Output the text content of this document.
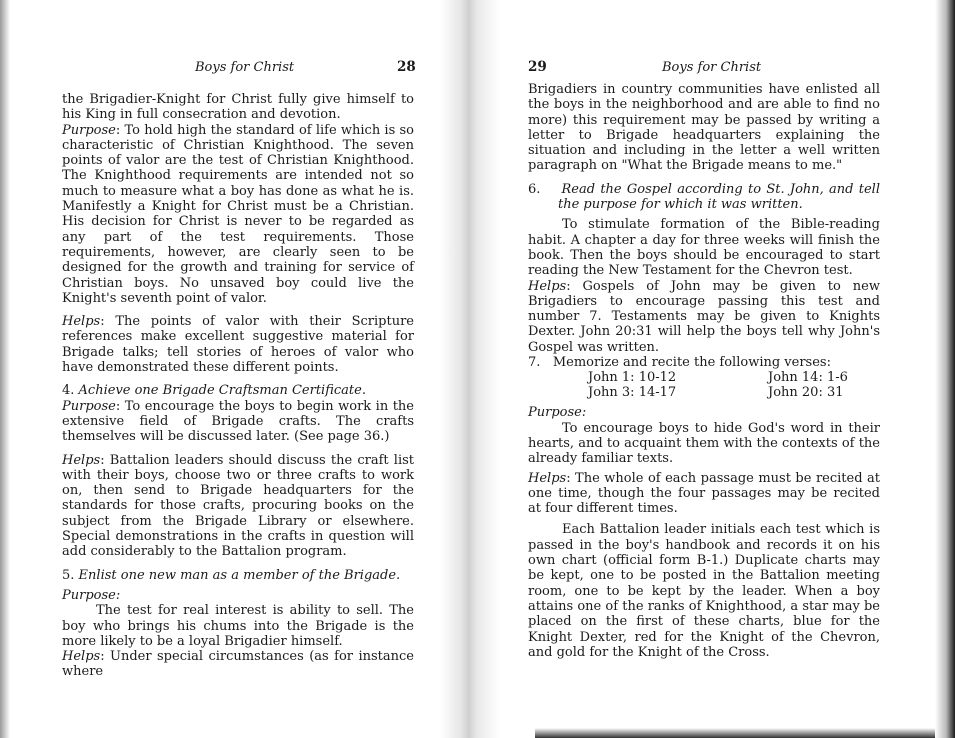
Boys for Christ	28

the Brigadier-Knight for Christ fully give himself to his King in full consecration and devotion.

Purpose: To hold high the standard of life which is so characteristic of Christian Knighthood. The seven points of valor are the test of Christian Knighthood. The Knighthood requirements are intended not so much to measure what a boy has done as what he is. Manifestly a Knight for Christ must be a Christian. His decision for Christ is never to be regarded as any part of the test requirements. Those requirements, however, are clearly seen to be designed for the growth and training for service of Christian boys. No unsaved boy could live the Knight's seventh point of valor.

Helps: The points of valor with their Scripture references make excellent suggestive material for Brigade talks; tell stories of heroes of valor who have demonstrated these different points.

4. Achieve one Brigade Craftsman Certificate.

Purpose: To encourage the boys to begin work in the extensive field of Brigade crafts. The crafts themselves will be discussed later. (See page 36.)

Helps: Battalion leaders should discuss the craft list with their boys, choose two or three crafts to work on, then send to Brigade headquarters for the standards for those crafts, procuring books on the subject from the Brigade Library or elsewhere. Special demonstrations in the crafts in question will add considerably to the Battalion program.

5. Enlist one new man as a member of the Brigade.

Purpose:

The test for real interest is ability to sell. The boy who brings his chums into the Brigade is the more likely to be a loyal Brigadier himself.

Helps: Under special circumstances (as for instance where

29	Boys for Christ

Brigadiers in country communities have enlisted all the boys in the neighborhood and are able to find no more) this requirement may be passed by writing a letter to Brigade headquarters explaining the situation and including in the letter a well written paragraph on "What the Brigade means to me."

6. Read the Gospel according to St. John, and tell the purpose for which it was written.

To stimulate formation of the Bible-reading habit. A chapter a day for three weeks will finish the book. Then the boys should be encouraged to start reading the New Testament for the Chevron test.

Helps: Gospels of John may be given to new Brigadiers to encourage passing this test and number 7. Testaments may be given to Knights Dexter. John 20:31 will help the boys tell why John's Gospel was written.

7. Memorize and recite the following verses:

John 1: 10-12	John 14: 1-6
John 3: 14-17	John 20: 31

Purpose:

To encourage boys to hide God's word in their hearts, and to acquaint them with the contexts of the already familiar texts.

Helps: The whole of each passage must be recited at one time, though the four passages may be recited at four different times.

Each Battalion leader initials each test which is passed in the boy's handbook and records it on his own chart (official form B-1.) Duplicate charts may be kept, one to be posted in the Battalion meeting room, one to be kept by the leader. When a boy attains one of the ranks of Knighthood, a star may be placed on the first of these charts, blue for the Knight Dexter, red for the Knight of the Chevron, and gold for the Knight of the Cross.
